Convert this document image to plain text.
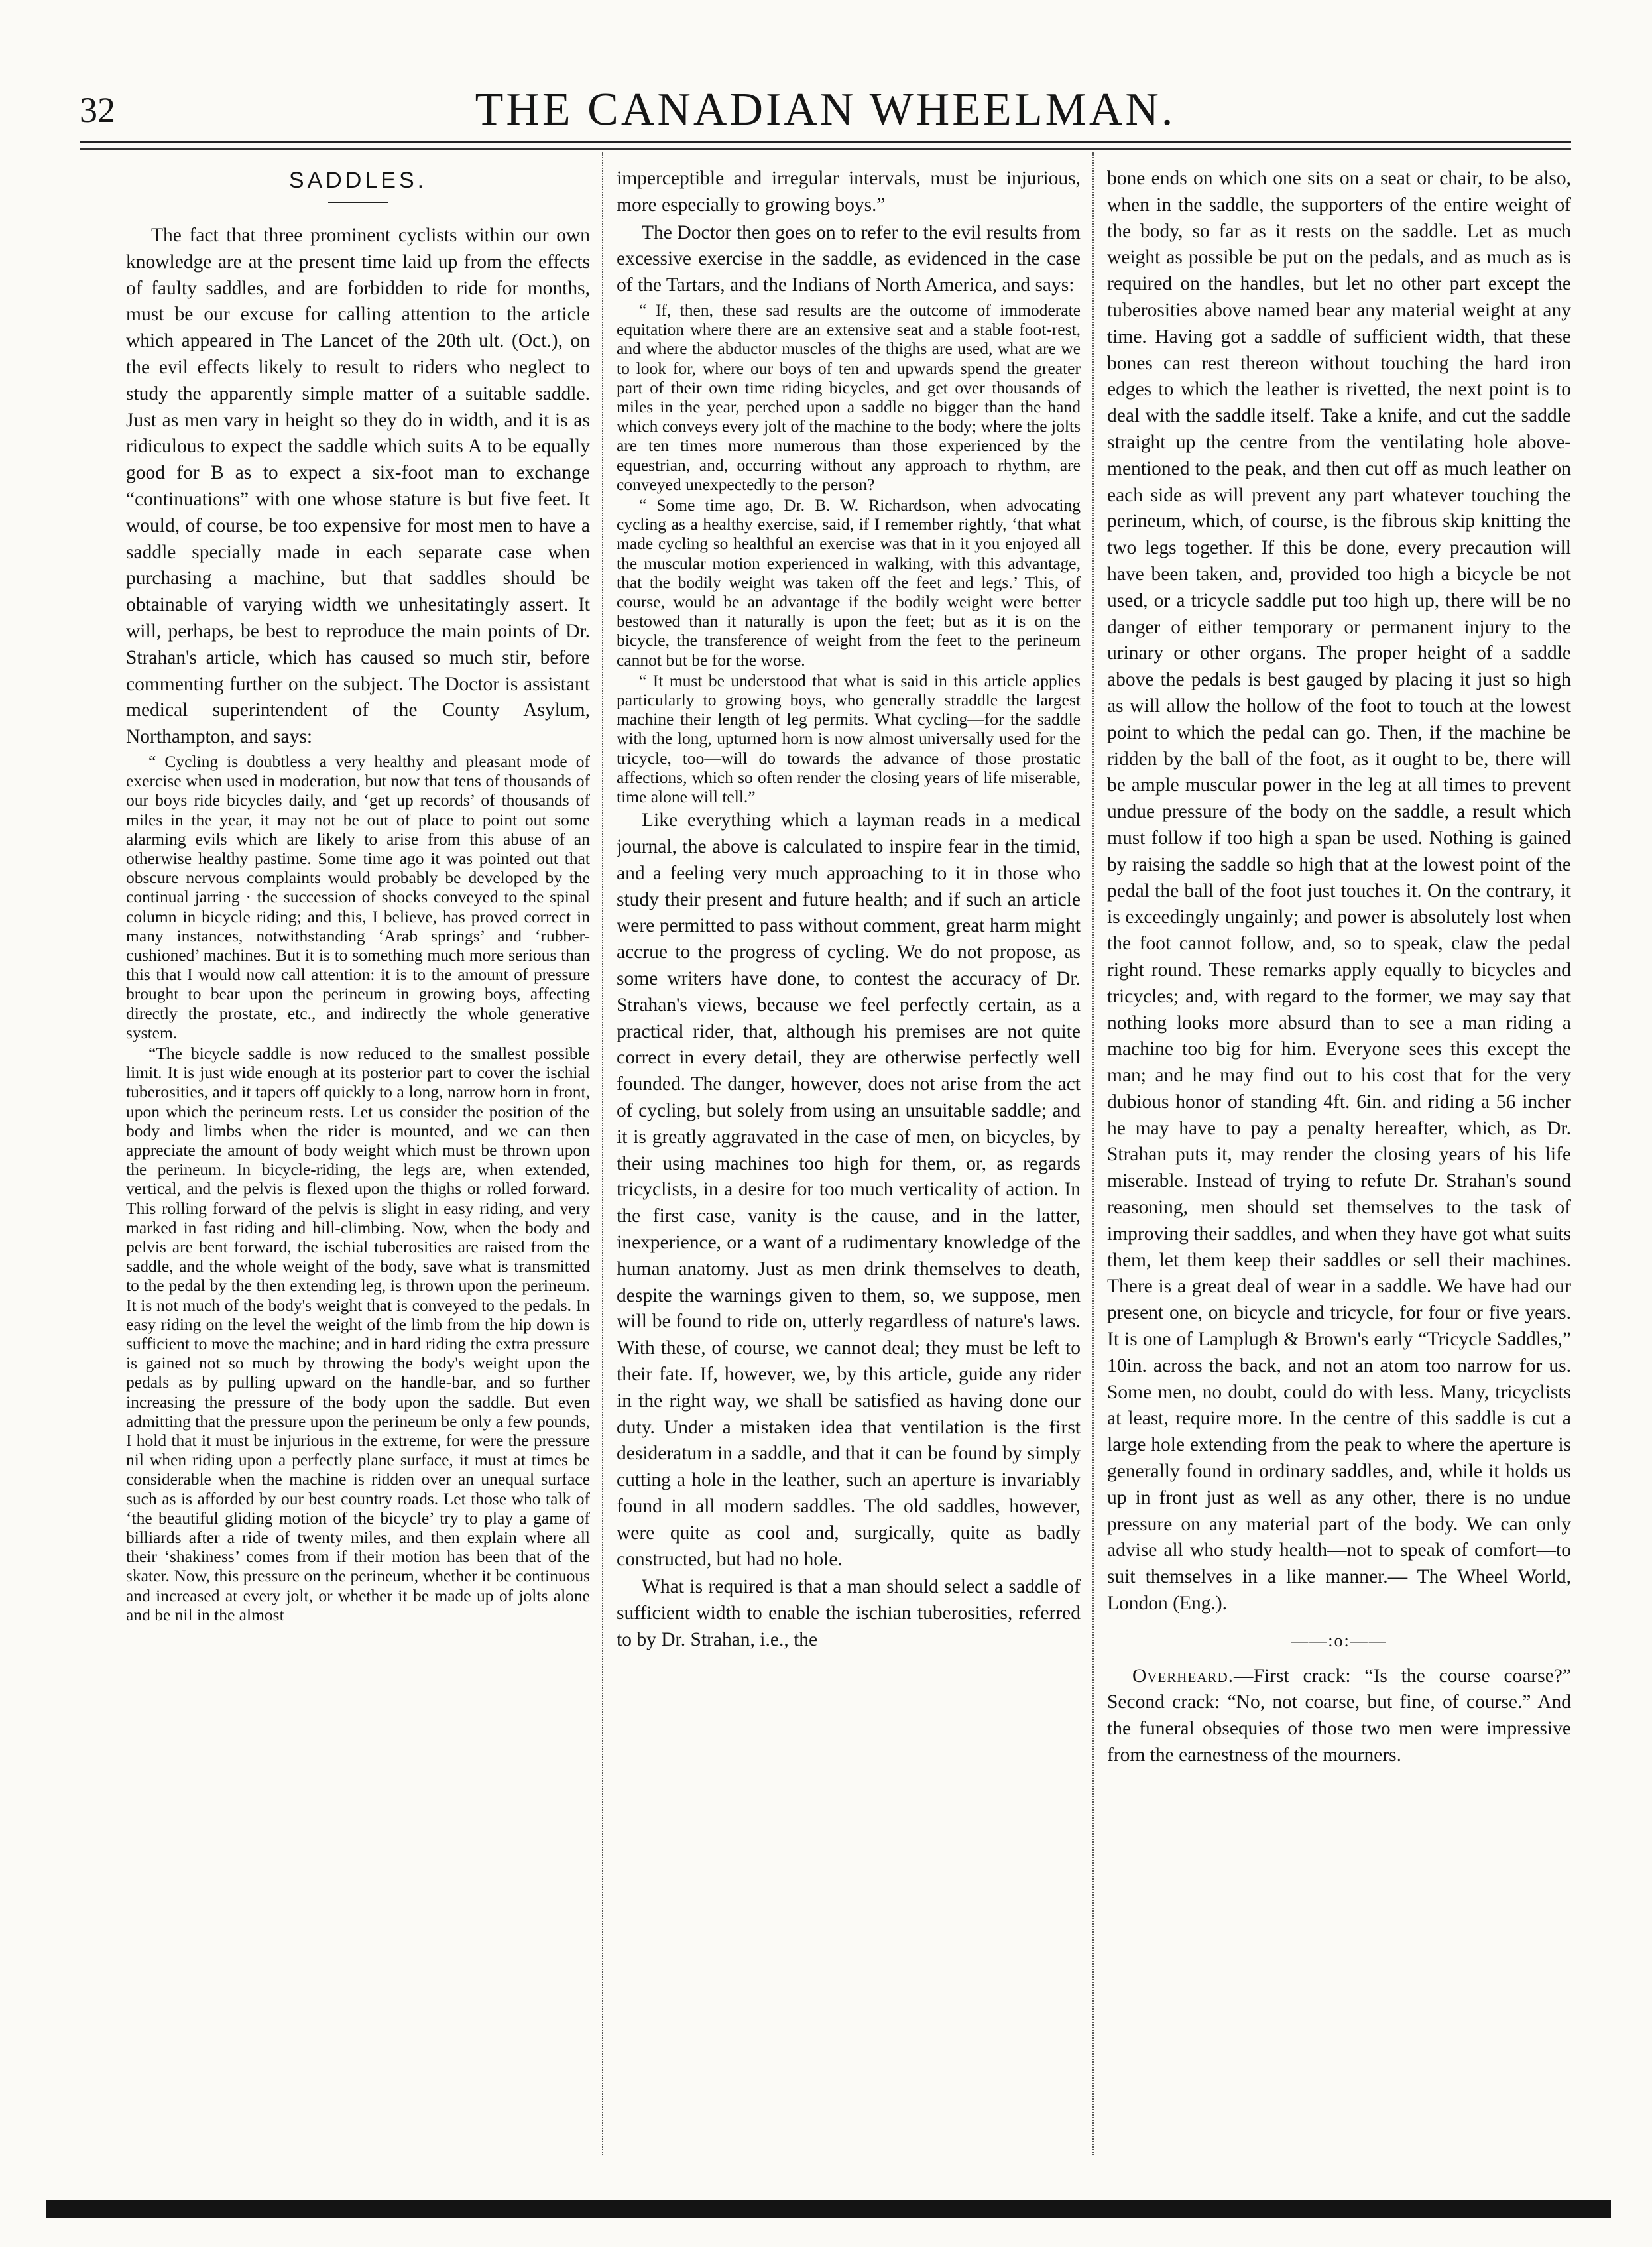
32	THE CANADIAN WHEELMAN.
SADDLES.

The fact that three prominent cyclists within our own knowledge are at the present time laid up from the effects of faulty saddles, and are forbidden to ride for months, must be our excuse for calling attention to the article which appeared in The Lancet of the 20th ult. (Oct.), on the evil effects likely to result to riders who neglect to study the apparently simple matter of a suitable saddle. Just as men vary in height so they do in width, and it is as ridiculous to expect the saddle which suits A to be equally good for B as to expect a six-foot man to exchange “continuations” with one whose stature is but five feet. It would, of course, be too expensive for most men to have a saddle specially made in each separate case when purchasing a machine, but that saddles should be obtainable of varying width we unhesitatingly assert. It will, perhaps, be best to reproduce the main points of Dr. Strahan's article, which has caused so much stir, before commenting further on the subject. The Doctor is assistant medical superintendent of the County Asylum, Northampton, and says:

“ Cycling is doubtless a very healthy and pleasant mode of exercise when used in moderation, but now that tens of thousands of our boys ride bicycles daily, and ‘get up records’ of thousands of miles in the year, it may not be out of place to point out some alarming evils which are likely to arise from this abuse of an otherwise healthy pastime. Some time ago it was pointed out that obscure nervous complaints would probably be developed by the continual jarring · the succession of shocks conveyed to the spinal column in bicycle riding; and this, I believe, has proved correct in many instances, notwithstanding ‘Arab springs’ and ‘rubber-cushioned’ machines. But it is to something much more serious than this that I would now call attention: it is to the amount of pressure brought to bear upon the perineum in growing boys, affecting directly the prostate, etc., and indirectly the whole generative system.

“The bicycle saddle is now reduced to the smallest possible limit. It is just wide enough at its posterior part to cover the ischial tuberosities, and it tapers off quickly to a long, narrow horn in front, upon which the perineum rests. Let us consider the position of the body and limbs when the rider is mounted, and we can then appreciate the amount of body weight which must be thrown upon the perineum. In bicycle-riding, the legs are, when extended, vertical, and the pelvis is flexed upon the thighs or rolled forward. This rolling forward of the pelvis is slight in easy riding, and very marked in fast riding and hill-climbing. Now, when the body and pelvis are bent forward, the ischial tuberosities are raised from the saddle, and the whole weight of the body, save what is transmitted to the pedal by the then extending leg, is thrown upon the perineum. It is not much of the body's weight that is conveyed to the pedals. In easy riding on the level the weight of the limb from the hip down is sufficient to move the machine; and in hard riding the extra pressure is gained not so much by throwing the body's weight upon the pedals as by pulling upward on the handle-bar, and so further increasing the pressure of the body upon the saddle. But even admitting that the pressure upon the perineum be only a few pounds, I hold that it must be injurious in the extreme, for were the pressure nil when riding upon a perfectly plane surface, it must at times be considerable when the machine is ridden over an unequal surface such as is afforded by our best country roads. Let those who talk of ‘the beautiful gliding motion of the bicycle’ try to play a game of billiards after a ride of twenty miles, and then explain where all their ‘shakiness’ comes from if their motion has been that of the skater. Now, this pressure on the perineum, whether it be continuous and increased at every jolt, or whether it be made up of jolts alone and be nil in the almost

imperceptible and irregular intervals, must be injurious, more especially to growing boys.”

The Doctor then goes on to refer to the evil results from excessive exercise in the saddle, as evidenced in the case of the Tartars, and the Indians of North America, and says:

“ If, then, these sad results are the outcome of immoderate equitation where there are an extensive seat and a stable foot-rest, and where the abductor muscles of the thighs are used, what are we to look for, where our boys of ten and upwards spend the greater part of their own time riding bicycles, and get over thousands of miles in the year, perched upon a saddle no bigger than the hand which conveys every jolt of the machine to the body; where the jolts are ten times more numerous than those experienced by the equestrian, and, occurring without any approach to rhythm, are conveyed unexpectedly to the person?

“ Some time ago, Dr. B. W. Richardson, when advocating cycling as a healthy exercise, said, if I remember rightly, ‘that what made cycling so healthful an exercise was that in it you enjoyed all the muscular motion experienced in walking, with this advantage, that the bodily weight was taken off the feet and legs.’ This, of course, would be an advantage if the bodily weight were better bestowed than it naturally is upon the feet; but as it is on the bicycle, the transference of weight from the feet to the perineum cannot but be for the worse.

“ It must be understood that what is said in this article applies particularly to growing boys, who generally straddle the largest machine their length of leg permits. What cycling—for the saddle with the long, upturned horn is now almost universally used for the tricycle, too—will do towards the advance of those prostatic affections, which so often render the closing years of life miserable, time alone will tell.”

Like everything which a layman reads in a medical journal, the above is calculated to inspire fear in the timid, and a feeling very much approaching to it in those who study their present and future health; and if such an article were permitted to pass without comment, great harm might accrue to the progress of cycling. We do not propose, as some writers have done, to contest the accuracy of Dr. Strahan's views, because we feel perfectly certain, as a practical rider, that, although his premises are not quite correct in every detail, they are otherwise perfectly well founded. The danger, however, does not arise from the act of cycling, but solely from using an unsuitable saddle; and it is greatly aggravated in the case of men, on bicycles, by their using machines too high for them, or, as regards tricyclists, in a desire for too much verticality of action. In the first case, vanity is the cause, and in the latter, inexperience, or a want of a rudimentary knowledge of the human anatomy. Just as men drink themselves to death, despite the warnings given to them, so, we suppose, men will be found to ride on, utterly regardless of nature's laws. With these, of course, we cannot deal; they must be left to their fate. If, however, we, by this article, guide any rider in the right way, we shall be satisfied as having done our duty. Under a mistaken idea that ventilation is the first desideratum in a saddle, and that it can be found by simply cutting a hole in the leather, such an aperture is invariably found in all modern saddles. The old saddles, however, were quite as cool and, surgically, quite as badly constructed, but had no hole.

What is required is that a man should select a saddle of sufficient width to enable the ischian tuberosities, referred to by Dr. Strahan, i.e., the

bone ends on which one sits on a seat or chair, to be also, when in the saddle, the supporters of the entire weight of the body, so far as it rests on the saddle. Let as much weight as possible be put on the pedals, and as much as is required on the handles, but let no other part except the tuberosities above named bear any material weight at any time. Having got a saddle of sufficient width, that these bones can rest thereon without touching the hard iron edges to which the leather is rivetted, the next point is to deal with the saddle itself. Take a knife, and cut the saddle straight up the centre from the ventilating hole above-mentioned to the peak, and then cut off as much leather on each side as will prevent any part whatever touching the perineum, which, of course, is the fibrous skip knitting the two legs together. If this be done, every precaution will have been taken, and, provided too high a bicycle be not used, or a tricycle saddle put too high up, there will be no danger of either temporary or permanent injury to the urinary or other organs. The proper height of a saddle above the pedals is best gauged by placing it just so high as will allow the hollow of the foot to touch at the lowest point to which the pedal can go. Then, if the machine be ridden by the ball of the foot, as it ought to be, there will be ample muscular power in the leg at all times to prevent undue pressure of the body on the saddle, a result which must follow if too high a span be used. Nothing is gained by raising the saddle so high that at the lowest point of the pedal the ball of the foot just touches it. On the contrary, it is exceedingly ungainly; and power is absolutely lost when the foot cannot follow, and, so to speak, claw the pedal right round. These remarks apply equally to bicycles and tricycles; and, with regard to the former, we may say that nothing looks more absurd than to see a man riding a machine too big for him. Everyone sees this except the man; and he may find out to his cost that for the very dubious honor of standing 4ft. 6in. and riding a 56 incher he may have to pay a penalty hereafter, which, as Dr. Strahan puts it, may render the closing years of his life miserable. Instead of trying to refute Dr. Strahan's sound reasoning, men should set themselves to the task of improving their saddles, and when they have got what suits them, let them keep their saddles or sell their machines. There is a great deal of wear in a saddle. We have had our present one, on bicycle and tricycle, for four or five years. It is one of Lamplugh & Brown's early “Tricycle Saddles,” 10in. across the back, and not an atom too narrow for us. Some men, no doubt, could do with less. Many, tricyclists at least, require more. In the centre of this saddle is cut a large hole extending from the peak to where the aperture is generally found in ordinary saddles, and, while it holds us up in front just as well as any other, there is no undue pressure on any material part of the body. We can only advise all who study health—not to speak of comfort—to suit themselves in a like manner.— The Wheel World, London (Eng.).

——:o:——

Overheard.—First crack: “Is the course coarse?” Second crack: “No, not coarse, but fine, of course.” And the funeral obsequies of those two men were impressive from the earnestness of the mourners.
